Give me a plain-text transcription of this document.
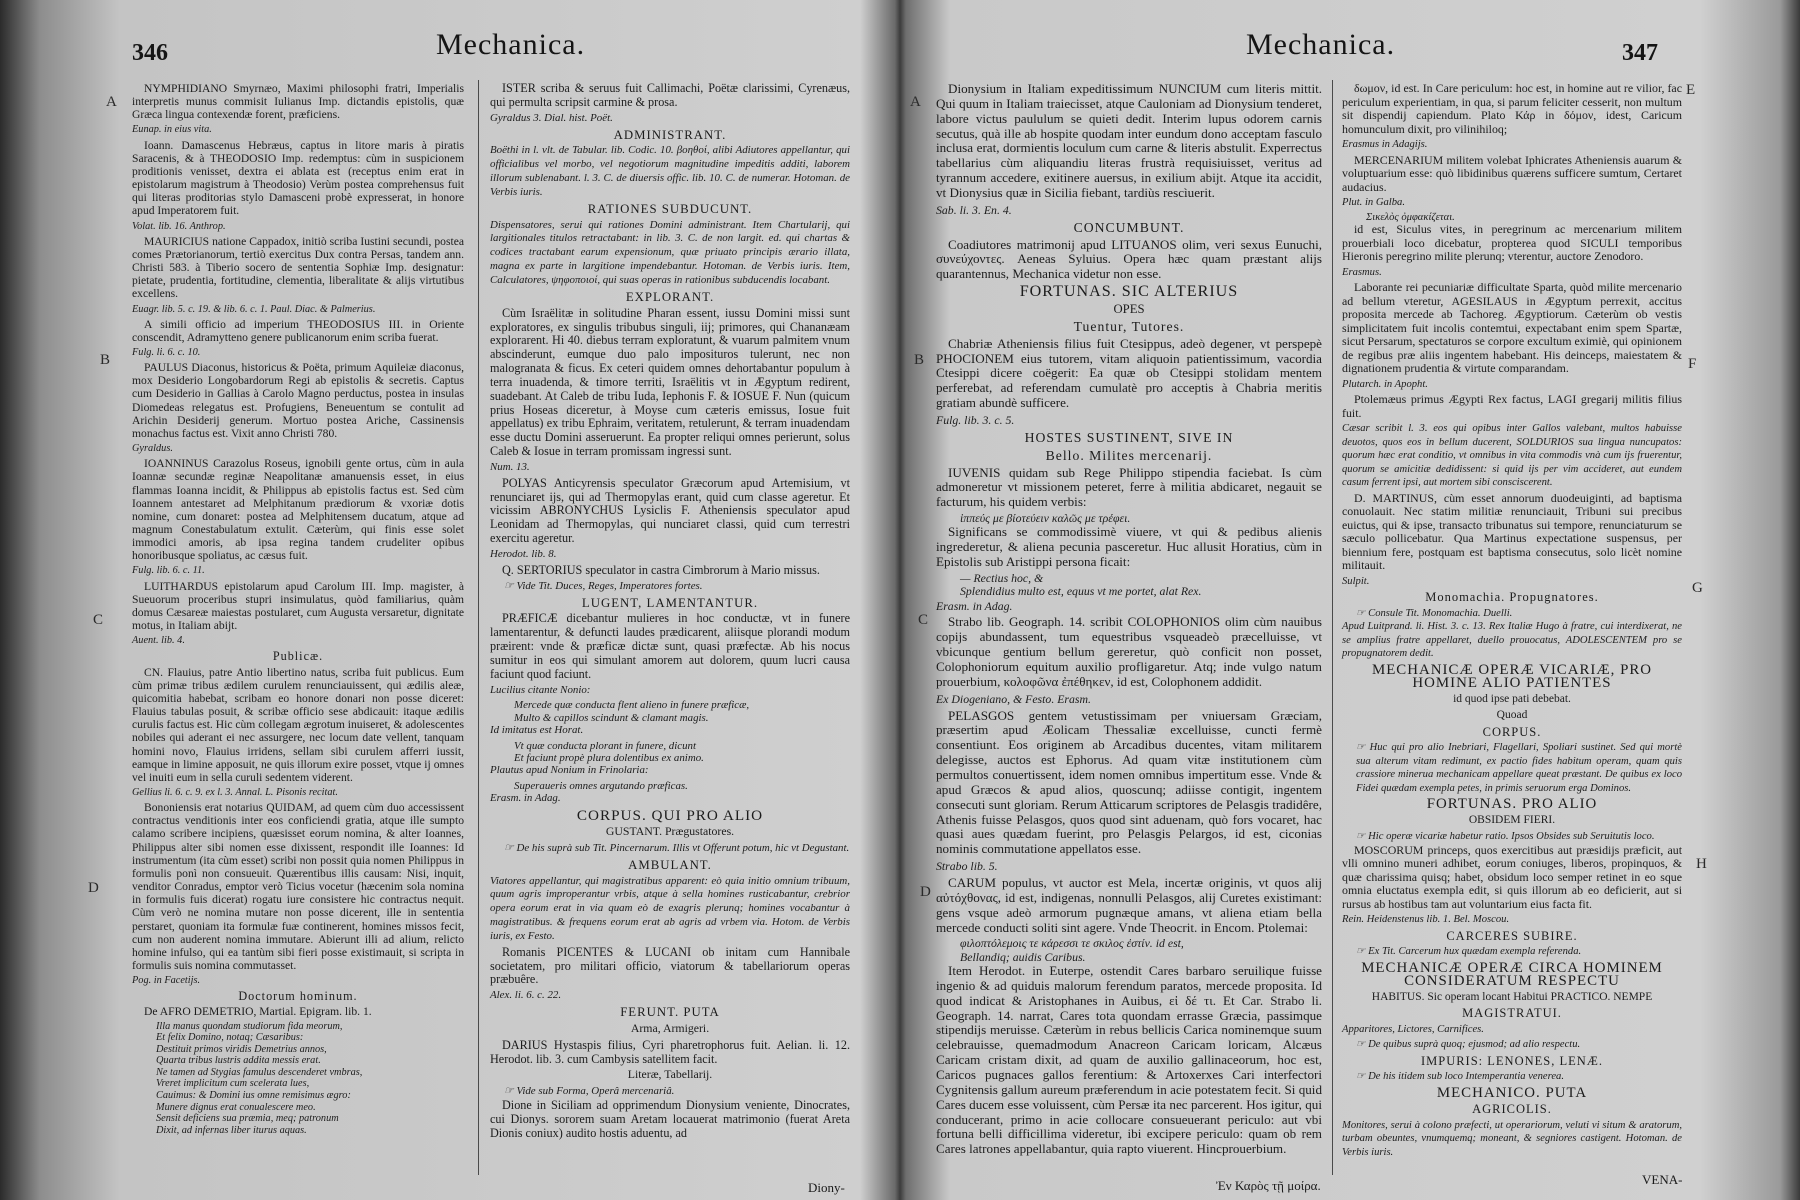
346	Mechanica.
A
B
C
D

NYMPHIDIANO Smyrnæo, Maximi philosophi fratri, Imperialis interpretis munus commisit Iulianus Imp. dictandis epistolis, quæ Græca lingua contexendæ forent, præficiens.

Eunap. in eius vita.

Ioann. Damascenus Hebræus, captus in litore maris à piratis Saracenis, & à THEODOSIO Imp. redemptus: cùm in suspicionem proditionis venisset, dextra ei ablata est (receptus enim erat in epistolarum magistrum à Theodosio) Verùm postea comprehensus fuit qui literas proditorias stylo Damasceni probè expresserat, in honore apud Imperatorem fuit.

Volat. lib. 16. Anthrop.

MAURICIUS natione Cappadox, initiò scriba Iustini secundi, postea comes Prætorianorum, tertiò exercitus Dux contra Persas, tandem ann. Christi 583. à Tiberio socero de sententia Sophiæ Imp. designatur: pietate, prudentia, fortitudine, clementia, liberalitate & alijs virtutibus excellens.

Euagr. lib. 5. c. 19. & lib. 6. c. 1. Paul. Diac. & Palmerius.

A simili officio ad imperium THEODOSIUS III. in Oriente conscendit, Adramytteno genere publicanorum enim scriba fuerat.

Fulg. li. 6. c. 10.

PAULUS Diaconus, historicus & Poëta, primum Aquileiæ diaconus, mox Desiderio Longobardorum Regi ab epistolis & secretis. Captus cum Desiderio in Gallias à Carolo Magno perductus, postea in insulas Diomedeas relegatus est. Profugiens, Beneuentum se contulit ad Arichin Desiderij generum. Mortuo postea Ariche, Cassinensis monachus factus est. Vixit anno Christi 780.

Gyraldus.

IOANNINUS Carazolus Roseus, ignobili gente ortus, cùm in aula Ioannæ secundæ reginæ Neapolitanæ amanuensis esset, in eius flammas Ioanna incidit, & Philippus ab epistolis factus est. Sed cùm Ioannem antestaret ad Melphitanum prædiorum & vxoriæ dotis nomine, cum donaret: postea ad Melphitensem ducatum, atque ad magnum Conestabulatum extulit. Cæterùm, qui finis esse solet immodici amoris, ab ipsa regina tandem crudeliter opibus honoribusque spoliatus, ac cæsus fuit.

Fulg. lib. 6. c. 11.

LUITHARDUS epistolarum apud Carolum III. Imp. magister, à Sueuorum proceribus stupri insimulatus, quòd familiarius, quàm domus Cæsareæ maiestas postularet, cum Augusta versaretur, dignitate motus, in Italiam abijt.

Auent. lib. 4.

Publicæ.

CN. Flauius, patre Antio libertino natus, scriba fuit publicus. Eum cùm primæ tribus ædilem curulem renunciauissent, qui ædilis aleæ, quicomitia habebat, scribam eo honore donari non posse diceret: Flauius tabulas posuit, & scribæ officio sese abdicauit: itaque ædilis curulis factus est. Hic cùm collegam ægrotum inuiseret, & adolescentes nobiles qui aderant ei nec assurgere, nec locum date vellent, tanquam homini novo, Flauius irridens, sellam sibi curulem afferri iussit, eamque in limine apposuit, ne quis illorum exire posset, vtque ij omnes vel inuiti eum in sella curuli sedentem viderent.

Gellius li. 6. c. 9. ex l. 3. Annal. L. Pisonis recitat.

Bononiensis erat notarius QUIDAM, ad quem cùm duo accessissent contractus venditionis inter eos conficiendi gratia, atque ille sumpto calamo scribere incipiens, quæsisset eorum nomina, & alter Ioannes, Philippus alter sibi nomen esse dixissent, respondit ille Ioannes: Id instrumentum (ita cùm esset) scribi non possit quia nomen Philippus in formulis ponì non consueuit. Quærentibus illis causam: Nisi, inquit, venditor Conradus, emptor verò Ticius vocetur (hæcenim sola nomina in formulis fuis dicerat) rogatu iure consistere hic contractus nequit. Cùm verò ne nomina mutare non posse dicerent, ille in sententia perstaret, quoniam ita formulæ fuæ continerent, homines missos fecit, cum non auderent nomina immutare. Abierunt illi ad alium, relicto homine infulso, qui ea tantùm sibi fieri posse existimauit, si scripta in formulis suis nomina commutasset.

Pog. in Facetijs.

Doctorum hominum.

De AFRO DEMETRIO, Martial. Epigram. lib. 1.

Illa manus quondam studiorum fida meorum,
Et felix Domino, notaq; Cæsaribus:
Destituit primos viridis Demetrius annos,
Quarta tribus lustris addita messis erat.
Ne tamen ad Stygias famulus descenderet vmbras,
Vreret implicitum cum scelerata lues,
Cauimus: & Domini ius omne remisimus ægro:
Munere dignus erat conualescere meo.
Sensit deficiens sua præmia, meq; patronum
Dixit, ad infernas liber iturus aquas.

ISTER scriba & seruus fuit Callimachi, Poëtæ clarissimi, Cyrenæus, qui permulta scripsit carmine & prosa.

Gyraldus 3. Dial. hist. Poët.

ADMINISTRANT.

Boëthi in l. vlt. de Tabular. lib. Codic. 10. βοηθοί, alibi Adiutores appellantur, qui officialibus vel morbo, vel negotiorum magnitudine impeditis additi, laborem illorum sublenabant. l. 3. C. de diuersis offic. lib. 10. C. de numerar. Hotoman. de Verbis iuris.

RATIONES SUBDUCUNT.

Dispensatores, serui qui rationes Domini administrant. Item Chartularij, qui largitionales titulos retractabant: in lib. 3. C. de non largit. ed. qui chartas & codices tractabant earum expensionum, quæ priuato principis ærario illata, magna ex parte in largitione impendebantur. Hotoman. de Verbis iuris. Item, Calculatores, ψηφοποιοί, qui suas operas in rationibus subducendis locabant.

EXPLORANT.

Cùm Israëlitæ in solitudine Pharan essent, iussu Domini missi sunt exploratores, ex singulis tribubus singuli, iij; primores, qui Chananæam explorarent. Hi 40. diebus terram exploratunt, & vuarum palmitem vnum abscinderunt, eumque duo palo imposituros tulerunt, nec non malogranata & ficus. Ex ceteri quidem omnes dehortabantur populum à terra inuadenda, & timore territi, Israëlitis vt in Ægyptum redirent, suadebant. At Caleb de tribu Iuda, Iephonis F. & IOSUE F. Nun (quicum prius Hoseas diceretur, à Moyse cum cæteris emissus, Iosue fuit appellatus) ex tribu Ephraim, veritatem, retulerunt, & terram inuadendam esse ductu Domini asseruerunt. Ea propter reliqui omnes perierunt, solus Caleb & Iosue in terram promissam ingressi sunt.

Num. 13.

POLYAS Anticyrensis speculator Græcorum apud Artemisium, vt renunciaret ijs, qui ad Thermopylas erant, quid cum classe ageretur. Et vicissim ABRONYCHUS Lysiclis F. Atheniensis speculator apud Leonidam ad Thermopylas, qui nunciaret classi, quid cum terrestri exercitu ageretur.

Herodot. lib. 8.

Q. SERTORIUS speculator in castra Cimbrorum à Mario missus.

☞ Vide Tit. Duces, Reges, Imperatores fortes.
LUGENT, LAMENTANTUR.

PRÆFICÆ dicebantur mulieres in hoc conductæ, vt in funere lamentarentur, & defuncti laudes prædicarent, aliisque plorandi modum præirent: vnde & præficæ dictæ sunt, quasi præfectæ. Ab his nocus sumitur in eos qui simulant amorem aut dolorem, quum lucri causa faciunt quod faciunt.

Lucilius citante Nonio:

Mercede quæ conducta flent alieno in funere præficæ,
Multo & capillos scindunt & clamant magis.

Id imitatus est Horat.

Vt quæ conducta plorant in funere, dicunt
Et faciunt propè plura dolentibus ex animo.

Plautus apud Nonium in Frinolaria:

Superaueris omnes argutando præficas.

Erasm. in Adag.

CORPUS. QUI PRO ALIO
GUSTANT. Prægustatores.
☞ De his suprà sub Tit. Pincernarum. Illis vt Offerunt potum, hic vt Degustant.
AMBULANT.

Viatores appellantur, qui magistratibus apparent: eò quia initio omnium tribuum, quum agris improperantur vrbis, atque à sella homines rusticabantur, crebrior opera eorum erat in via quam eò de exagris plerunq; homines vocabantur à magistratibus. & frequens eorum erat ab agris ad vrbem via. Hotom. de Verbis iuris, ex Festo.

Romanis PICENTES & LUCANI ob initam cum Hannibale societatem, pro militari officio, viatorum & tabellariorum operas præbuêre.

Alex. li. 6. c. 22.

FERUNT. PUTA
Arma, Armigeri.

DARIUS Hystaspis filius, Cyri pharetrophorus fuit. Aelian. li. 12. Herodot. lib. 3. cum Cambysis satellitem facit.

Literæ, Tabellarij.
☞ Vide sub Forma, Operâ mercenariâ.

Dione in Siciliam ad opprimendum Dionysium veniente, Dinocrates, cui Dionys. sororem suam Aretam locauerat matrimonio (fuerat Areta Dionis coniux) audito hostis aduentu, ad

Diony-
Mechanica.	347
A
B
C
D
E
F
G
H

Dionysium in Italiam expeditissimum NUNCIUM cum literis mittit. Qui quum in Italiam traiecisset, atque Cauloniam ad Dionysium tenderet, labore victus paululum se quieti dedit. Interim lupus odorem carnis secutus, quà ille ab hospite quodam inter eundum dono acceptam fasculo inclusa erat, dormientis loculum cum carne & literis abstulit. Experrectus tabellarius cùm aliquandiu literas frustrà requisiuisset, veritus ad tyrannum accedere, exitinere auersus, in exilium abijt. Atque ita accidit, vt Dionysius quæ in Sicilia fiebant, tardiùs rescìuerit.

Sab. li. 3. En. 4.

CONCUMBUNT.

Coadiutores matrimonij apud LITUANOS olim, veri sexus Eunuchi, συνεύχοντες. Aeneas Syluius. Opera hæc quam præstant alijs quarantennus, Mechanica videtur non esse.

FORTUNAS. SIC ALTERIUS
OPES
Tuentur, Tutores.

Chabriæ Atheniensis filius fuit Ctesippus, adeò degener, vt perspepè PHOCIONEM eius tutorem, vitam aliquoin patientissimum, vacordia Ctesippi dicere coëgerit: Ea quæ ob Ctesippi stolidam mentem perferebat, ad referendam cumulatè pro acceptis à Chabria meritis gratiam abundè sufficere.

Fulg. lib. 3. c. 5.

HOSTES SUSTINENT, SIVE IN
Bello. Milites mercenarij.

IUVENIS quidam sub Rege Philippo stipendia faciebat. Is cùm admoneretur vt missionem peteret, ferre à militia abdicaret, negauit se facturum, his quidem verbis:

ἱππεύς με βίοτεύειν καλῶς με τρέφει.

Significans se commodissimè viuere, vt qui & pedibus alienis ingrederetur, & aliena pecunia pasceretur. Huc allusit Horatius, cùm in Epistolis sub Aristippi persona ficait:

— Rectius hoc, &
Splendidius multo est, equus vt me portet, alat Rex.

Erasm. in Adag.

Strabo lib. Geograph. 14. scribit COLOPHONIOS olim cùm nauibus copijs abundassent, tum equestribus vsqueadeò præcelluisse, vt vbicunque gentium bellum gereretur, quò conficit non posset, Colophoniorum equitum auxilio profligaretur. Atq; inde vulgo natum prouerbium, κολοφῶνα ἐπέθηκεν, id est, Colophonem addidit.

Ex Diogeniano, & Festo. Erasm.

PELASGOS gentem vetustissimam per vniuersam Græciam, præsertim apud Æolicam Thessaliæ excelluisse, cuncti fermè consentiunt. Eos originem ab Arcadibus ducentes, vitam militarem delegisse, auctos est Ephorus. Ad quam vitæ institutionem cùm permultos conuertissent, idem nomen omnibus impertitum esse. Vnde & apud Græcos & apud alios, quoscunq; adiisse contigit, ingentem consecuti sunt gloriam. Rerum Atticarum scriptores de Pelasgis tradidêre, Athenis fuisse Pelasgos, quos quod sint aduenam, quò fors vocaret, hac quasi aues quædam fuerint, pro Pelasgis Pelargos, id est, ciconias nominis commutatione appellatos esse.

Strabo lib. 5.

CARUM populus, vt auctor est Mela, incertæ originis, vt quos alij αὐτόχθονας, id est, indigenas, nonnulli Pelasgos, alij Curetes existimant: gens vsque adeò armorum pugnæque amans, vt aliena etiam bella mercede conducti soliti sint agere. Vnde Theocrit. in Encom. Ptolemai:

φιλοπτόλεμοις τε κάρεσσι τε σκιλος ἐστίν. id est,
Bellandiq; auidis Caribus.

Item Herodot. in Euterpe, ostendit Cares barbaro seruilique fuisse ingenio & ad quiduis malorum ferendum paratos, mercede proposita. Id quod indicat & Aristophanes in Auibus, εἰ δέ τι. Et Car. Strabo li. Geograph. 14. narrat, Cares tota quondam errasse Græcia, passimque stipendijs meruisse. Cæterùm in rebus bellicis Carica nominemque suum celebrauisse, quemadmodum Anacreon Caricam loricam, Alcæus Caricam cristam dixit, ad quam de auxilio gallinaceorum, hoc est, Caricos pugnaces gallos ferentium: & Artoxerxes Cari interfectori Cygnitensis gallum aureum præferendum in acie potestatem fecit. Si quid Cares ducem esse voluissent, cùm Persæ ita nec parcerent. Hos igitur, qui conducerant, primo in acie collocare consueuerant periculo: aut vbi fortuna belli difficillima videretur, ibi excipere periculo: quam ob rem Cares latrones appellabantur, quia rapto viuerent. Hincprouerbium.

Ἐν Καρὸς τῇ μοίρα.

δωμον, id est. In Care periculum: hoc est, in homine aut re vilior, fac periculum experientiam, in qua, si parum feliciter cesserit, non multum sit dispendij capiendum. Plato Κάρ in δόμον, idest, Caricum homunculum dixit, pro vilinihiloq;

Erasmus in Adagijs.

MERCENARIUM militem volebat Iphicrates Atheniensis auarum & voluptuarium esse: quò libidinibus quærens sufficere sumtum, Certaret audacius.

Plut. in Galba.

Σικελὸς ὀμφακίζεται.

id est, Siculus vites, in peregrinum ac mercenarium militem prouerbiali loco dicebatur, propterea quod SICULI temporibus Hieronis peregrino milite plerunq; vterentur, auctore Zenodoro.

Erasmus.

Laborante rei pecuniariæ difficultate Sparta, quòd milite mercenario ad bellum vteretur, AGESILAUS in Ægyptum perrexit, accitus proposita mercede ab Tachoreg. Ægyptiorum. Cæterùm ob vestis simplicitatem fuit incolis contemtui, expectabant enim spem Spartæ, sicut Persarum, spectaturos se corpore excultum eximiè, qui opinionem de regibus præ aliis ingentem habebant. His deinceps, maiestatem & dignationem prudentia & virtute comparandam.

Plutarch. in Apopht.

Ptolemæus primus Ægypti Rex factus, LAGI gregarij militis filius fuit.

Cæsar scribit l. 3. eos qui opibus inter Gallos valebant, multos habuisse deuotos, quos eos in bellum ducerent, SOLDURIOS sua lingua nuncupatos: quorum hæc erat conditio, vt omnibus in vita commodis vnà cum ijs fruerentur, quorum se amicitiæ dedidissent: si quid ijs per vim accideret, aut eundem casum ferrent ipsi, aut mortem sibi consciscerent.

D. MARTINUS, cùm esset annorum duodeuiginti, ad baptisma conuolauit. Nec statim militiæ renunciauit, Tribuni sui precibus euictus, qui & ipse, transacto tribunatus sui tempore, renunciaturum se sæculo pollicebatur. Qua Martinus expectatione suspensus, per biennium fere, postquam est baptisma consecutus, solo licèt nomine militauit.

Sulpit.

Monomachia. Propugnatores.
☞ Consule Tit. Monomachia. Duelli.

Apud Luitprand. li. Hist. 3. c. 13. Rex Italiæ Hugo à fratre, cui interdixerat, ne se amplius fratre appellaret, duello prouocatus, ADOLESCENTEM pro se propugnatorem dedit.

MECHANICÆ OPERÆ VICARIÆ, PRO HOMINE ALIO PATIENTES
id quod ipse pati debebat.
Quoad
CORPUS.
☞ Huc qui pro alio Inebriari, Flagellari, Spoliari sustinet. Sed qui mortè sua alterum vitam redimunt, ex pactio fides habitum operam, quam quis crassiore minerua mechanicam appellare queat præstant. De quibus ex loco Fidei quædam exempla petes, in primis seruorum erga Dominos.
FORTUNAS. PRO ALIO
OBSIDEM FIERI.
☞ Hic operæ vicariæ habetur ratio. Ipsos Obsides sub Seruitutis loco.

MOSCORUM princeps, quos exercitibus aut præsidijs præficit, aut vlli omnino muneri adhibet, eorum coniuges, liberos, propinquos, & quæ charissima quisq; habet, obsidum loco semper retinet in eo sque omnia eluctatus exempla edit, si quis illorum ab eo deficierit, aut si rursus ab hostibus tam aut voluntarium eius facta fit.

Rein. Heidenstenus lib. 1. Bel. Moscou.

CARCERES SUBIRE.
☞ Ex Tit. Carcerum hux quædam exempla referenda.
MECHANICÆ OPERÆ CIRCA HOMINEM CONSIDERATUM RESPECTU
HABITUS. Sic operam locant Habitui PRACTICO. NEMPE
MAGISTRATUI.

Apparitores, Lictores, Carnifices.

☞ De quibus suprà quoq; ejusmod; ad alio respectu.
IMPURIS: LENONES, LENÆ.
☞ De his itidem sub loco Intemperantia venerea.
MECHANICO. PUTA
AGRICOLIS.

Monitores, serui à colono præfecti, ut operariorum, veluti vi situm & aratorum, turbam obeuntes, vnumquemq; moneant, & segniores castigent. Hotoman. de Verbis iuris.

VENA-
